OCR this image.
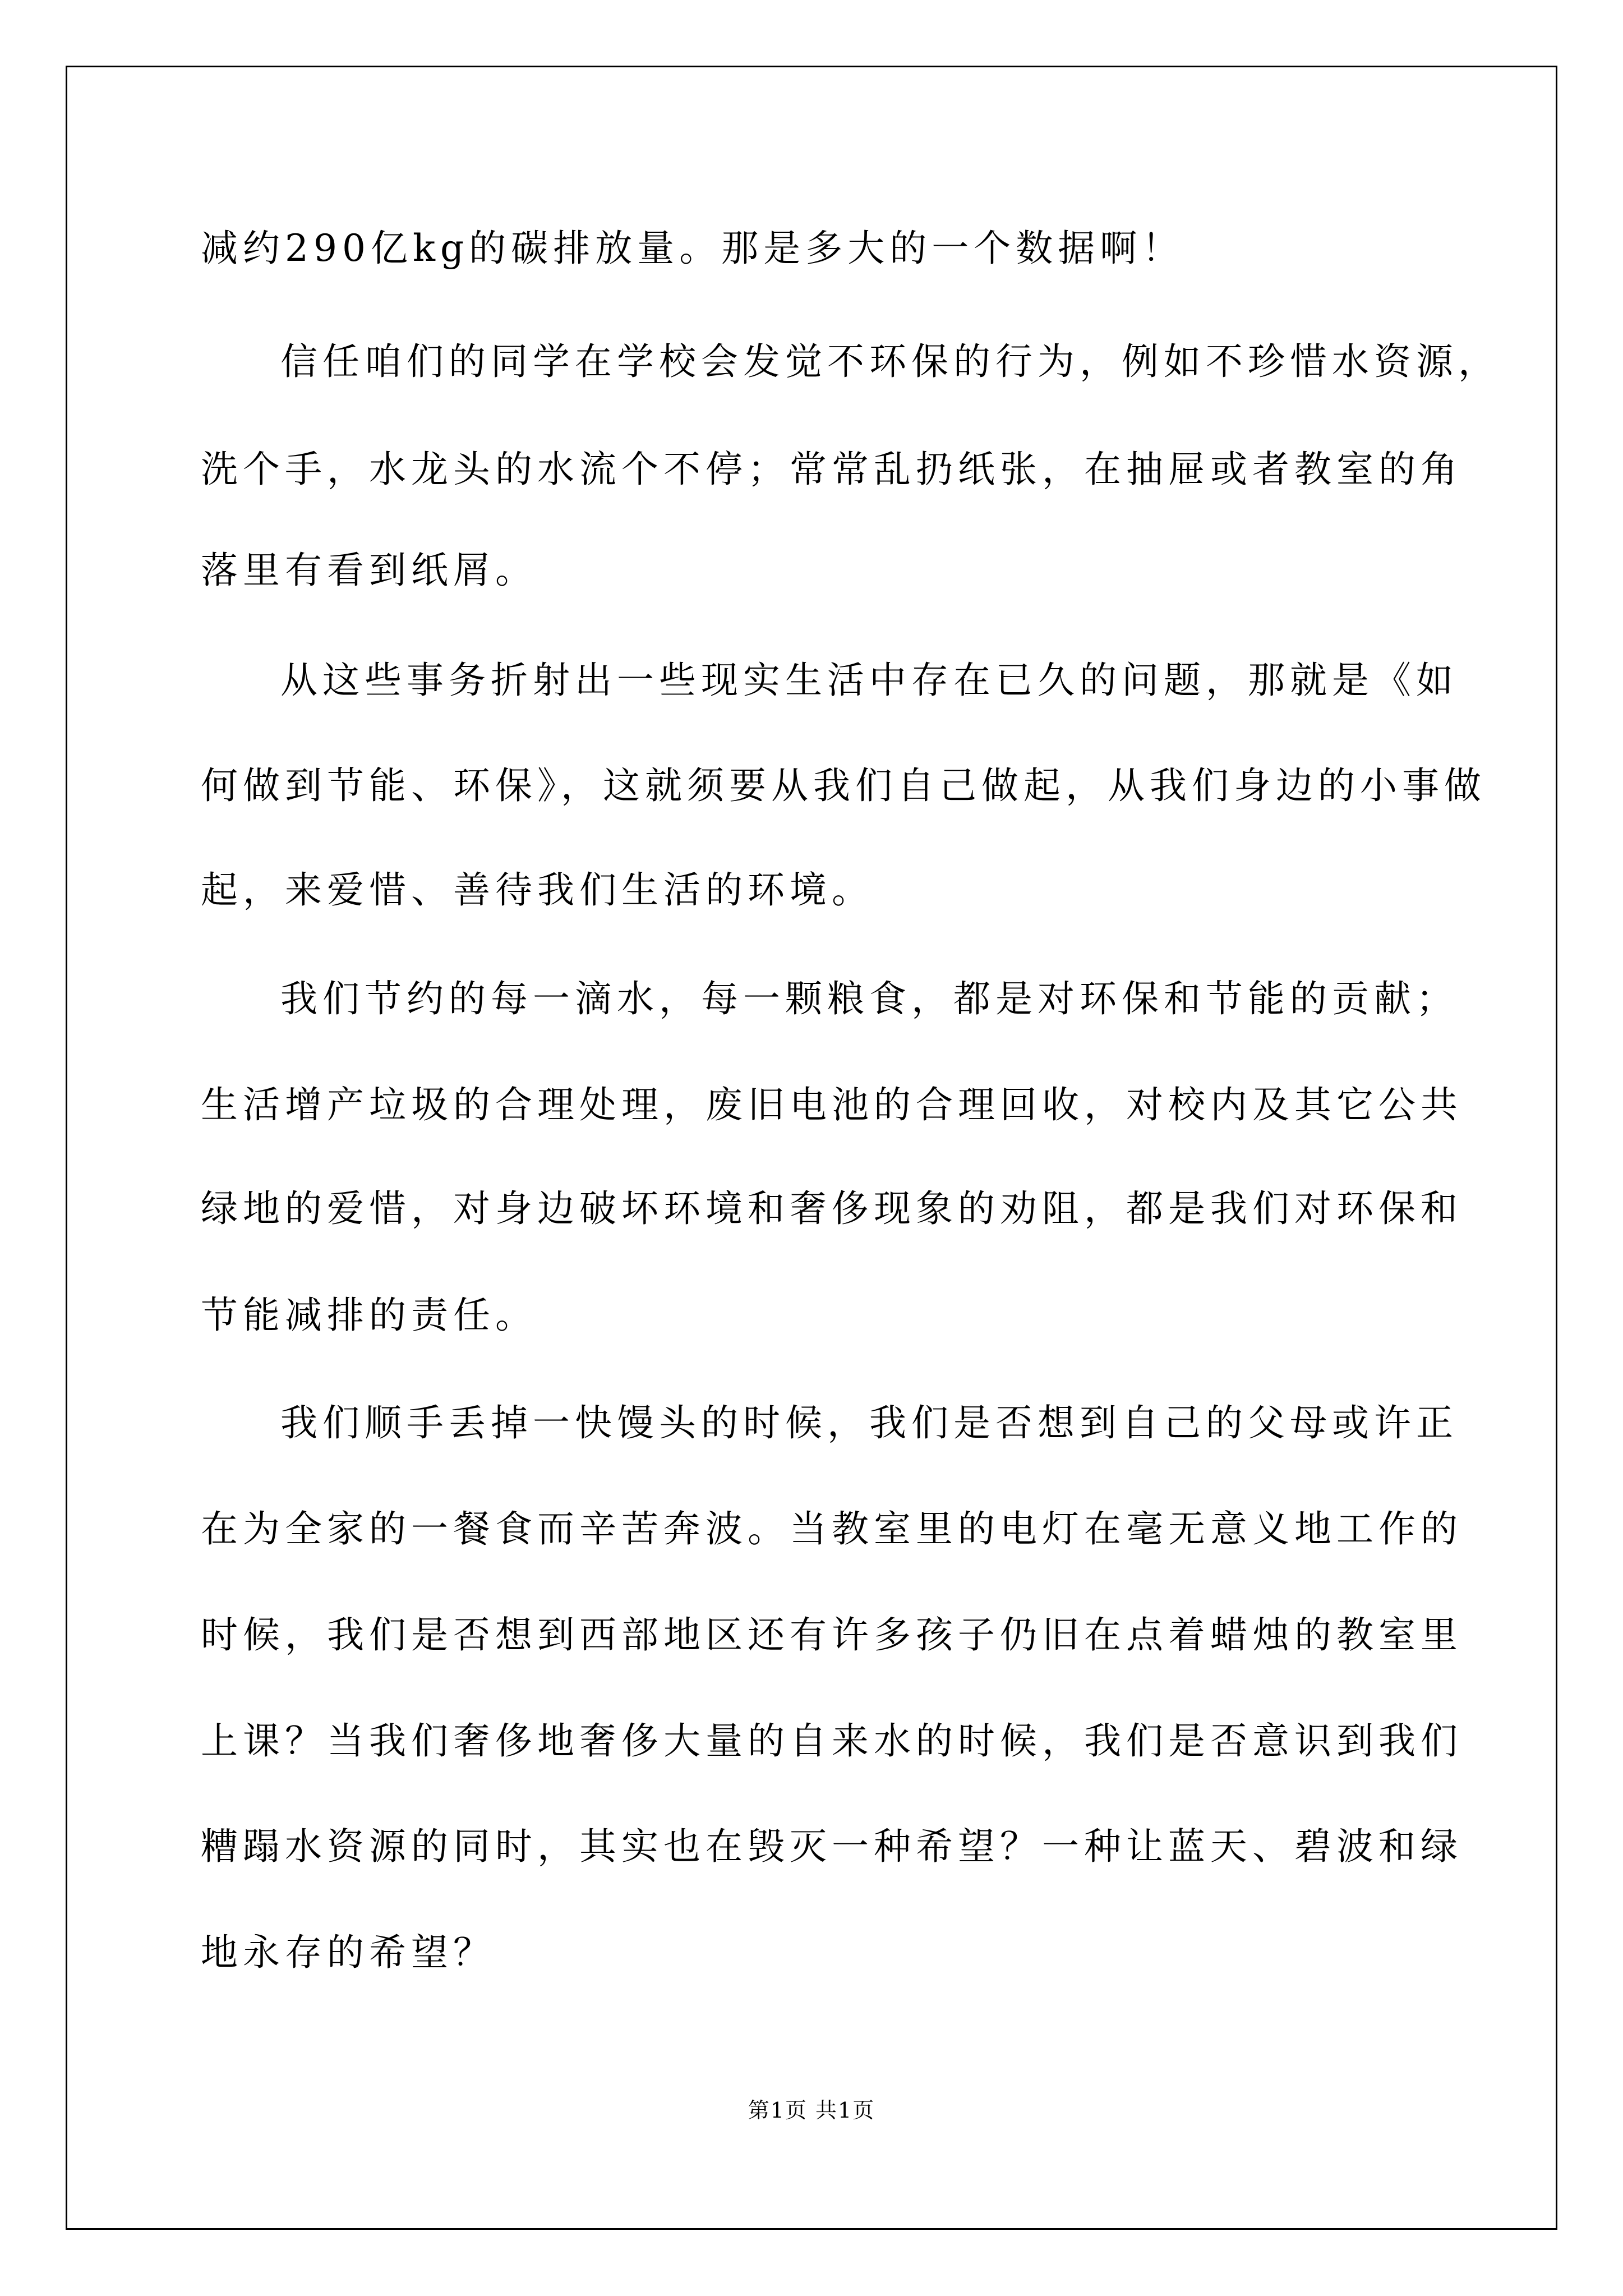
减约290亿kg的碳排放量。那是多大的一个数据啊！
信任咱们的同学在学校会发觉不环保的行为，例如不珍惜水资源，
洗个手，水龙头的水流个不停；常常乱扔纸张，在抽屉或者教室的角
落里有看到纸屑。
从这些事务折射出一些现实生活中存在已久的问题，那就是《如
何做到节能、环保》，这就须要从我们自己做起，从我们身边的小事做
起，来爱惜、善待我们生活的环境。
我们节约的每一滴水，每一颗粮食，都是对环保和节能的贡献；
生活增产垃圾的合理处理，废旧电池的合理回收，对校内及其它公共
绿地的爱惜，对身边破坏环境和奢侈现象的劝阻，都是我们对环保和
节能减排的责任。
我们顺手丢掉一快馒头的时候，我们是否想到自己的父母或许正
在为全家的一餐食而辛苦奔波。当教室里的电灯在毫无意义地工作的
时候，我们是否想到西部地区还有许多孩子仍旧在点着蜡烛的教室里
上课？当我们奢侈地奢侈大量的自来水的时候，我们是否意识到我们
糟蹋水资源的同时，其实也在毁灭一种希望？一种让蓝天、碧波和绿
地永存的希望？
第1页 共1页
